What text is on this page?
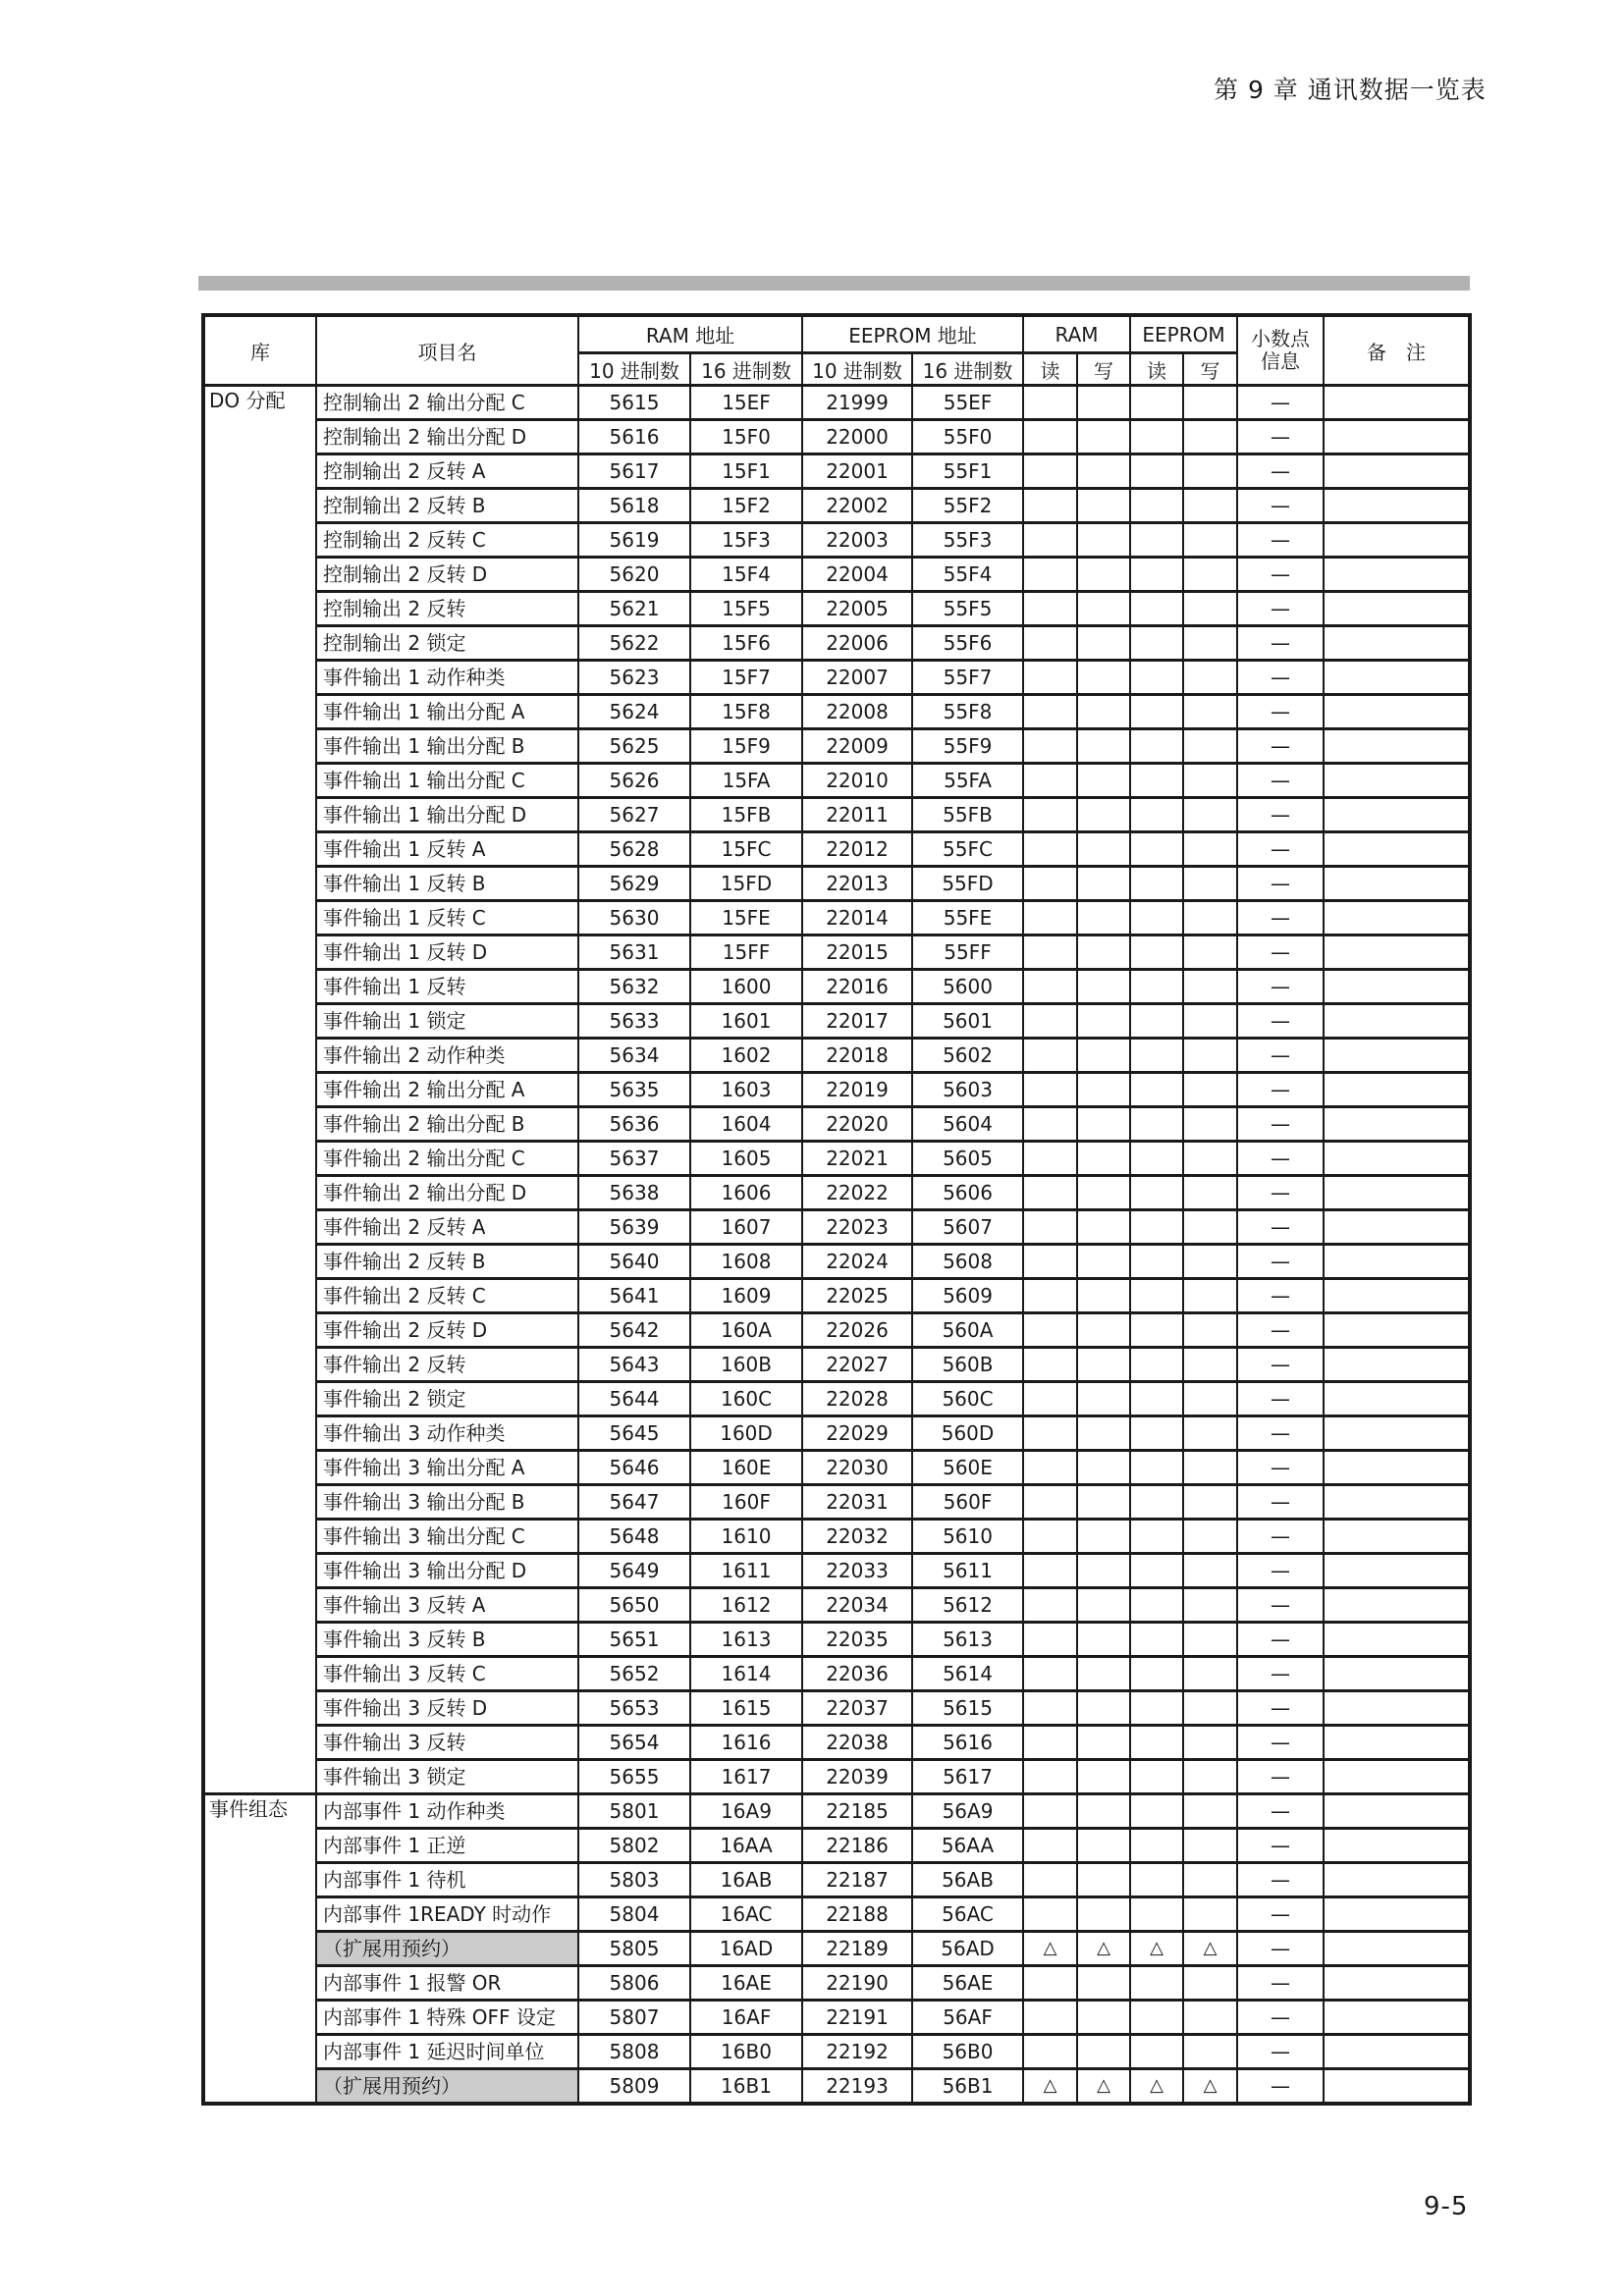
第 9 章 通讯数据一览表
库	项目名	RAM 地址		EEPROM 地址		RAM		EEPROM		小数点
信息	备　注
		10 进制数	16 进制数	10 进制数	16 进制数	读	写	读	写		
DO 分配	控制输出 2 输出分配 C	5615	15EF	21999	55EF					—	
	控制输出 2 输出分配 D	5616	15F0	22000	55F0					—	
	控制输出 2 反转 A	5617	15F1	22001	55F1					—	
	控制输出 2 反转 B	5618	15F2	22002	55F2					—	
	控制输出 2 反转 C	5619	15F3	22003	55F3					—	
	控制输出 2 反转 D	5620	15F4	22004	55F4					—	
	控制输出 2 反转	5621	15F5	22005	55F5					—	
	控制输出 2 锁定	5622	15F6	22006	55F6					—	
	事件输出 1 动作种类	5623	15F7	22007	55F7					—	
	事件输出 1 输出分配 A	5624	15F8	22008	55F8					—	
	事件输出 1 输出分配 B	5625	15F9	22009	55F9					—	
	事件输出 1 输出分配 C	5626	15FA	22010	55FA					—	
	事件输出 1 输出分配 D	5627	15FB	22011	55FB					—	
	事件输出 1 反转 A	5628	15FC	22012	55FC					—	
	事件输出 1 反转 B	5629	15FD	22013	55FD					—	
	事件输出 1 反转 C	5630	15FE	22014	55FE					—	
	事件输出 1 反转 D	5631	15FF	22015	55FF					—	
	事件输出 1 反转	5632	1600	22016	5600					—	
	事件输出 1 锁定	5633	1601	22017	5601					—	
	事件输出 2 动作种类	5634	1602	22018	5602					—	
	事件输出 2 输出分配 A	5635	1603	22019	5603					—	
	事件输出 2 输出分配 B	5636	1604	22020	5604					—	
	事件输出 2 输出分配 C	5637	1605	22021	5605					—	
	事件输出 2 输出分配 D	5638	1606	22022	5606					—	
	事件输出 2 反转 A	5639	1607	22023	5607					—	
	事件输出 2 反转 B	5640	1608	22024	5608					—	
	事件输出 2 反转 C	5641	1609	22025	5609					—	
	事件输出 2 反转 D	5642	160A	22026	560A					—	
	事件输出 2 反转	5643	160B	22027	560B					—	
	事件输出 2 锁定	5644	160C	22028	560C					—	
	事件输出 3 动作种类	5645	160D	22029	560D					—	
	事件输出 3 输出分配 A	5646	160E	22030	560E					—	
	事件输出 3 输出分配 B	5647	160F	22031	560F					—	
	事件输出 3 输出分配 C	5648	1610	22032	5610					—	
	事件输出 3 输出分配 D	5649	1611	22033	5611					—	
	事件输出 3 反转 A	5650	1612	22034	5612					—	
	事件输出 3 反转 B	5651	1613	22035	5613					—	
	事件输出 3 反转 C	5652	1614	22036	5614					—	
	事件输出 3 反转 D	5653	1615	22037	5615					—	
	事件输出 3 反转	5654	1616	22038	5616					—	
	事件输出 3 锁定	5655	1617	22039	5617					—	
事件组态	内部事件 1 动作种类	5801	16A9	22185	56A9					—	
	内部事件 1 正逆	5802	16AA	22186	56AA					—	
	内部事件 1 待机	5803	16AB	22187	56AB					—	
	内部事件 1READY 时动作	5804	16AC	22188	56AC					—	
	（扩展用预约）	5805	16AD	22189	56AD	△	△	△	△	—	
	内部事件 1 报警 OR	5806	16AE	22190	56AE					—	
	内部事件 1 特殊 OFF 设定	5807	16AF	22191	56AF					—	
	内部事件 1 延迟时间单位	5808	16B0	22192	56B0					—	
	（扩展用预约）	5809	16B1	22193	56B1	△	△	△	△	—	
9-5
